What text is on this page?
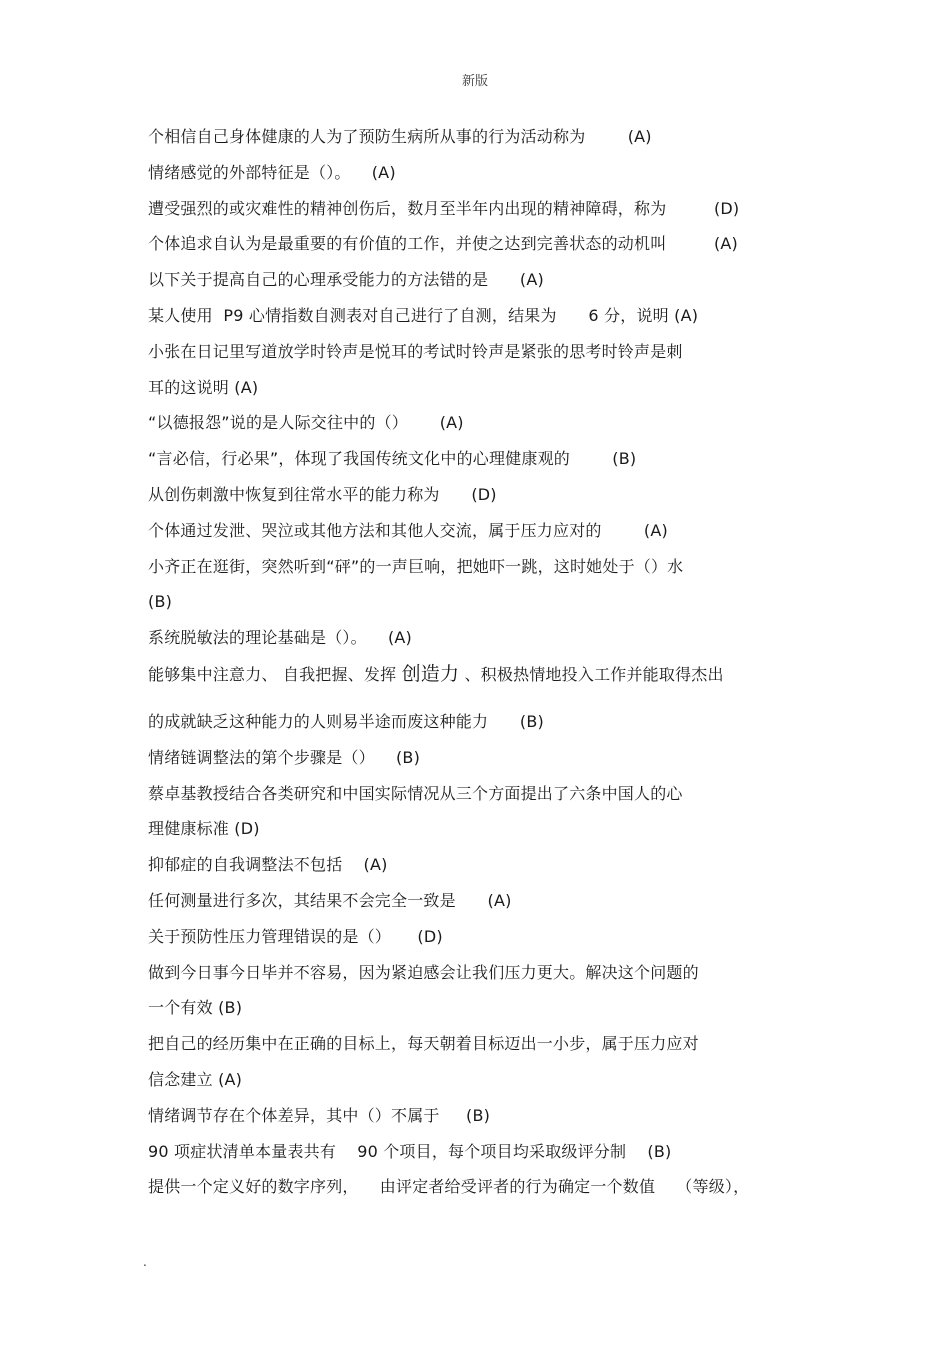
新版
个相信自己身体健康的人为了预防生病所从事的行为活动称为        (A)
情绪感觉的外部特征是（）。    (A)
遭受强烈的或灾难性的精神创伤后，数月至半年内出现的精神障碍，称为         (D)
个体追求自认为是最重要的有价值的工作，并使之达到完善状态的动机叫         (A)
以下关于提高自己的心理承受能力的方法错的是      (A)
某人使用  P9 心情指数自测表对自己进行了自测，结果为      6 分，说明 (A)
小张在日记里写道放学时铃声是悦耳的考试时铃声是紧张的思考时铃声是刺
耳的这说明 (A)
“以德报怨”说的是人际交往中的（）      (A)
“言必信，行必果”，体现了我国传统文化中的心理健康观的        (B)
从创伤刺激中恢复到往常水平的能力称为      (D)
个体通过发泄、哭泣或其他方法和其他人交流，属于压力应对的        (A)
小齐正在逛街，突然听到“砰”的一声巨响，把她吓一跳，这时她处于（）水
(B)
系统脱敏法的理论基础是（）。    (A)
能够集中注意力、 自我把握、发挥 创造力 、积极热情地投入工作并能取得杰出
的成就缺乏这种能力的人则易半途而废这种能力      (B)
情绪链调整法的第个步骤是（）    (B)
蔡卓基教授结合各类研究和中国实际情况从三个方面提出了六条中国人的心
理健康标准 (D)
抑郁症的自我调整法不包括    (A)
任何测量进行多次，其结果不会完全一致是      (A)
关于预防性压力管理错误的是（）     (D)
做到今日事今日毕并不容易，因为紧迫感会让我们压力更大。解决这个问题的
一个有效 (B)
把自己的经历集中在正确的目标上，每天朝着目标迈出一小步，属于压力应对
信念建立 (A)
情绪调节存在个体差异，其中（）不属于     (B)
90 项症状清单本量表共有    90 个项目，每个项目均采取级评分制    (B)
提供一个定义好的数字序列，    由评定者给受评者的行为确定一个数值    （等级），
.
